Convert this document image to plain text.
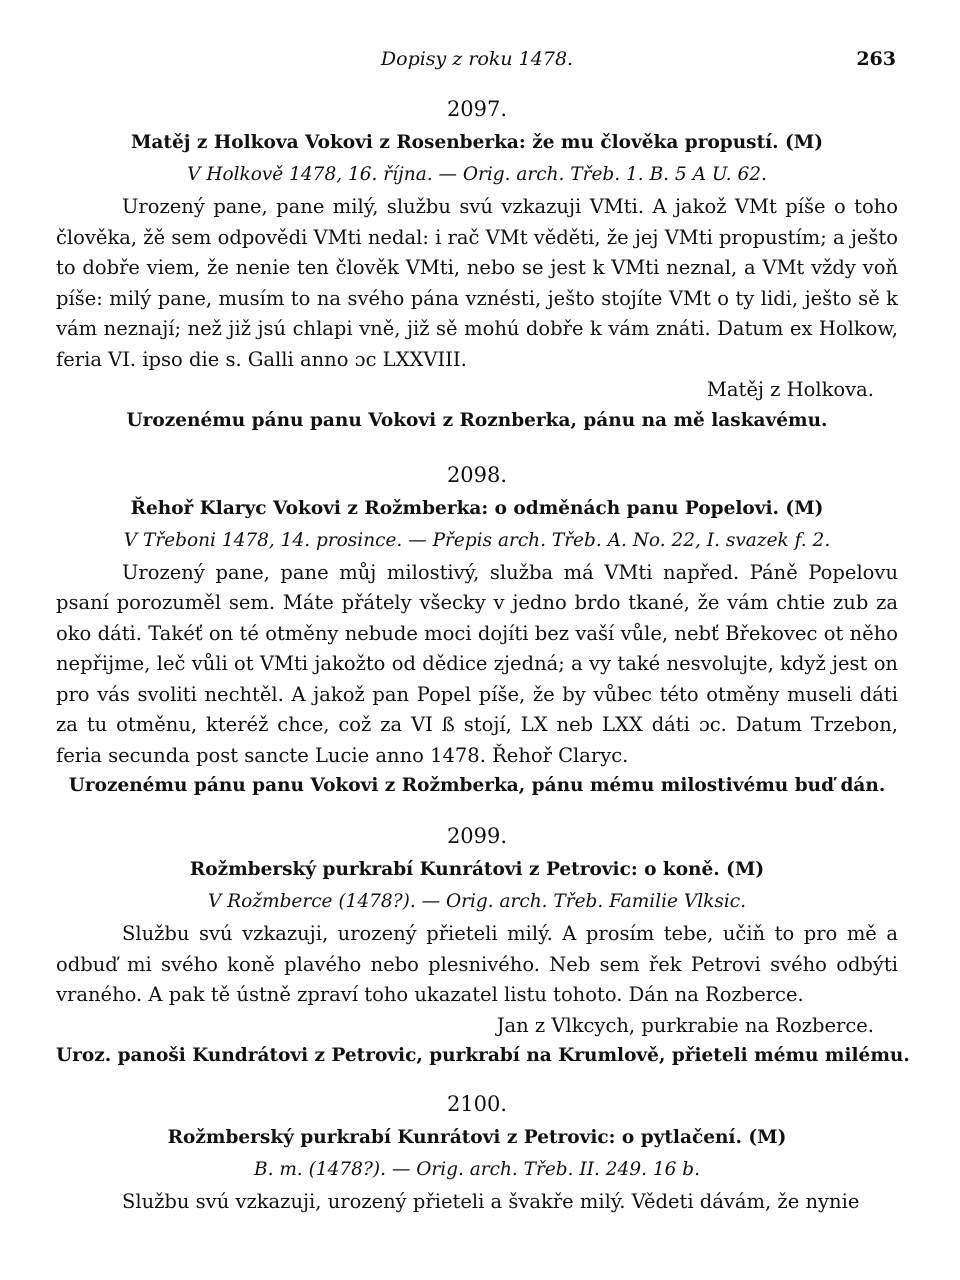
Dopisy z roku 1478.	263
2097.
Matěj z Holkova Vokovi z Rosenberka: že mu člověka propustí. (M)
V Holkově 1478, 16. října. — Orig. arch. Třeb. 1. B. 5 A U. 62.
Urozený pane, pane milý, službu svú vzkazuji VMti. A jakož VMt píše o toho člověka, žě sem odpovědi VMti nedal: i rač VMt věděti, že jej VMti propustím; a ješto to dobře viem, že nenie ten člověk VMti, nebo se jest k VMti neznal, a VMt vždy voň píše: milý pane, musím to na svého pána vznésti, ješto stojíte VMt o ty lidi, ješto sě k vám neznají; než již jsú chlapi vně, již sě mohú dobře k vám znáti. Datum ex Holkow, feria VI. ipso die s. Galli anno ɔc LXXVIII.
Matěj z Holkova.
Urozenému pánu panu Vokovi z Roznberka, pánu na mě laskavému.
2098.
Řehoř Klaryc Vokovi z Rožmberka: o odměnách panu Popelovi. (M)
V Třeboni 1478, 14. prosince. — Přepis arch. Třeb. A. No. 22, I. svazek f. 2.
Urozený pane, pane můj milostivý, služba má VMti napřed. Páně Popelovu psaní porozuměl sem. Máte přátely všecky v jedno brdo tkané, že vám chtie zub za oko dáti. Takéť on té otměny nebude moci dojíti bez vaší vůle, nebť Břekovec ot něho nepřijme, leč vůli ot VMti jakožto od dědice zjedná; a vy také nesvolujte, když jest on pro vás svoliti nechtěl. A jakož pan Popel píše, že by vůbec této otměny museli dáti za tu otměnu, kteréž chce, což za VI ß stojí, LX neb LXX dáti ɔc. Datum Trzebon, feria secunda post sancte Lucie anno 1478. Řehoř Claryc.
Urozenému pánu panu Vokovi z Rožmberka, pánu mému milostivému buď dán.
2099.
Rožmberský purkrabí Kunrátovi z Petrovic: o koně. (M)
V Rožmberce (1478?). — Orig. arch. Třeb. Familie Vlksic.
Službu svú vzkazuji, urozený přieteli milý. A prosím tebe, učiň to pro mě a odbuď mi svého koně plavého nebo plesnivého. Neb sem řek Petrovi svého odbýti vraného. A pak tě ústně zpraví toho ukazatel listu tohoto. Dán na Rozberce.
Jan z Vlkcych, purkrabie na Rozberce.
Uroz. panoši Kundrátovi z Petrovic, purkrabí na Krumlově, přieteli mému milému.
2100.
Rožmberský purkrabí Kunrátovi z Petrovic: o pytlačení. (M)
B. m. (1478?). — Orig. arch. Třeb. II. 249. 16 b.
Službu svú vzkazuji, urozený přieteli a švakře milý. Vědeti dávám, že nynie
